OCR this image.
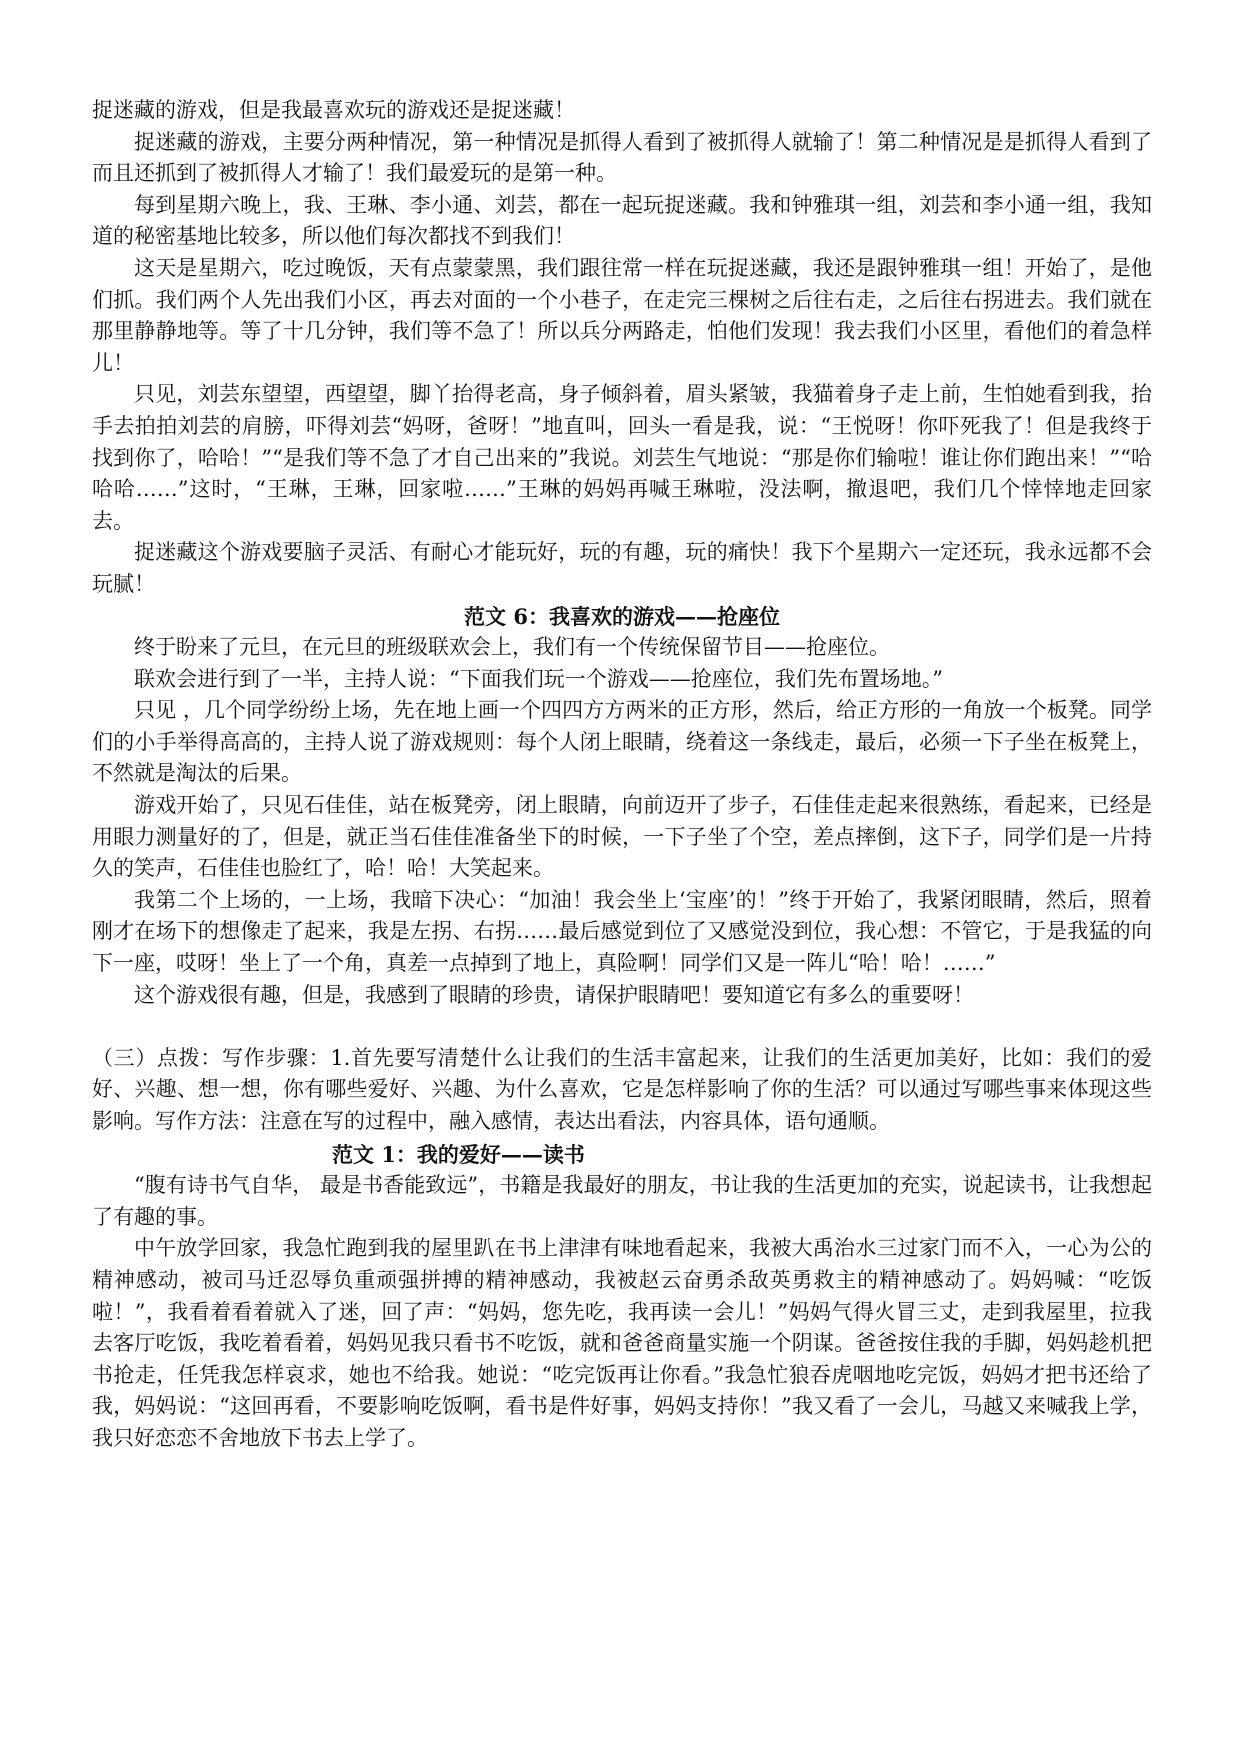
捉迷藏的游戏，但是我最喜欢玩的游戏还是捉迷藏！

捉迷藏的游戏，主要分两种情况，第一种情况是抓得人看到了被抓得人就输了！第二种情况是是抓得人看到了而且还抓到了被抓得人才输了！我们最爱玩的是第一种。

每到星期六晚上，我、王琳、李小通、刘芸，都在一起玩捉迷藏。我和钟雅琪一组，刘芸和李小通一组，我知道的秘密基地比较多，所以他们每次都找不到我们！

这天是星期六，吃过晚饭，天有点蒙蒙黑，我们跟往常一样在玩捉迷藏，我还是跟钟雅琪一组！开始了，是他们抓。我们两个人先出我们小区，再去对面的一个小巷子，在走完三棵树之后往右走，之后往右拐进去。我们就在那里静静地等。等了十几分钟，我们等不急了！所以兵分两路走，怕他们发现！我去我们小区里，看他们的着急样儿！

只见，刘芸东望望，西望望，脚丫抬得老高，身子倾斜着，眉头紧皱，我猫着身子走上前，生怕她看到我，抬手去拍拍刘芸的肩膀，吓得刘芸“妈呀，爸呀！”地直叫，回头一看是我，说：“王悦呀！你吓死我了！但是我终于找到你了，哈哈！”“是我们等不急了才自己出来的”我说。刘芸生气地说：“那是你们输啦！谁让你们跑出来！”“哈哈哈……”这时，“王琳，王琳，回家啦……”王琳的妈妈再喊王琳啦，没法啊，撤退吧，我们几个悻悻地走回家去。

捉迷藏这个游戏要脑子灵活、有耐心才能玩好，玩的有趣，玩的痛快！我下个星期六一定还玩，我永远都不会玩腻！

范文 6：我喜欢的游戏——抢座位

终于盼来了元旦，在元旦的班级联欢会上，我们有一个传统保留节目——抢座位。

联欢会进行到了一半，主持人说：“下面我们玩一个游戏——抢座位，我们先布置场地。”

只见 ，几个同学纷纷上场，先在地上画一个四四方方两米的正方形，然后，给正方形的一角放一个板凳。同学们的小手举得高高的，主持人说了游戏规则：每个人闭上眼睛，绕着这一条线走，最后，必须一下子坐在板凳上，不然就是淘汰的后果。

游戏开始了，只见石佳佳，站在板凳旁，闭上眼睛，向前迈开了步子，石佳佳走起来很熟练，看起来，已经是用眼力测量好的了，但是，就正当石佳佳准备坐下的时候，一下子坐了个空，差点摔倒，这下子，同学们是一片持久的笑声，石佳佳也脸红了，哈！哈！大笑起来。

我第二个上场的，一上场，我暗下决心：“加油！我会坐上‘宝座’的！”终于开始了，我紧闭眼睛，然后，照着刚才在场下的想像走了起来，我是左拐、右拐……最后感觉到位了又感觉没到位，我心想：不管它，于是我猛的向下一座，哎呀！坐上了一个角，真差一点掉到了地上，真险啊！同学们又是一阵儿“哈！哈！……”

这个游戏很有趣，但是，我感到了眼睛的珍贵，请保护眼睛吧！要知道它有多么的重要呀！

（三）点拨：写作步骤：1.首先要写清楚什么让我们的生活丰富起来，让我们的生活更加美好，比如：我们的爱好、兴趣、想一想，你有哪些爱好、兴趣、为什么喜欢，它是怎样影响了你的生活？可以通过写哪些事来体现这些影响。写作方法：注意在写的过程中，融入感情，表达出看法，内容具体，语句通顺。

范文 1：我的爱好——读书

“腹有诗书气自华， 最是书香能致远”，书籍是我最好的朋友，书让我的生活更加的充实，说起读书，让我想起了有趣的事。

中午放学回家，我急忙跑到我的屋里趴在书上津津有味地看起来，我被大禹治水三过家门而不入，一心为公的精神感动，被司马迁忍辱负重顽强拼搏的精神感动，我被赵云奋勇杀敌英勇救主的精神感动了。妈妈喊：“吃饭啦！”，我看着看着就入了迷，回了声：“妈妈，您先吃，我再读一会儿！”妈妈气得火冒三丈，走到我屋里，拉我去客厅吃饭，我吃着看着，妈妈见我只看书不吃饭，就和爸爸商量实施一个阴谋。爸爸按住我的手脚，妈妈趁机把书抢走，任凭我怎样哀求，她也不给我。她说：“吃完饭再让你看。”我急忙狼吞虎咽地吃完饭，妈妈才把书还给了我，妈妈说：“这回再看，不要影响吃饭啊，看书是件好事，妈妈支持你！”我又看了一会儿，马越又来喊我上学，我只好恋恋不舍地放下书去上学了。
